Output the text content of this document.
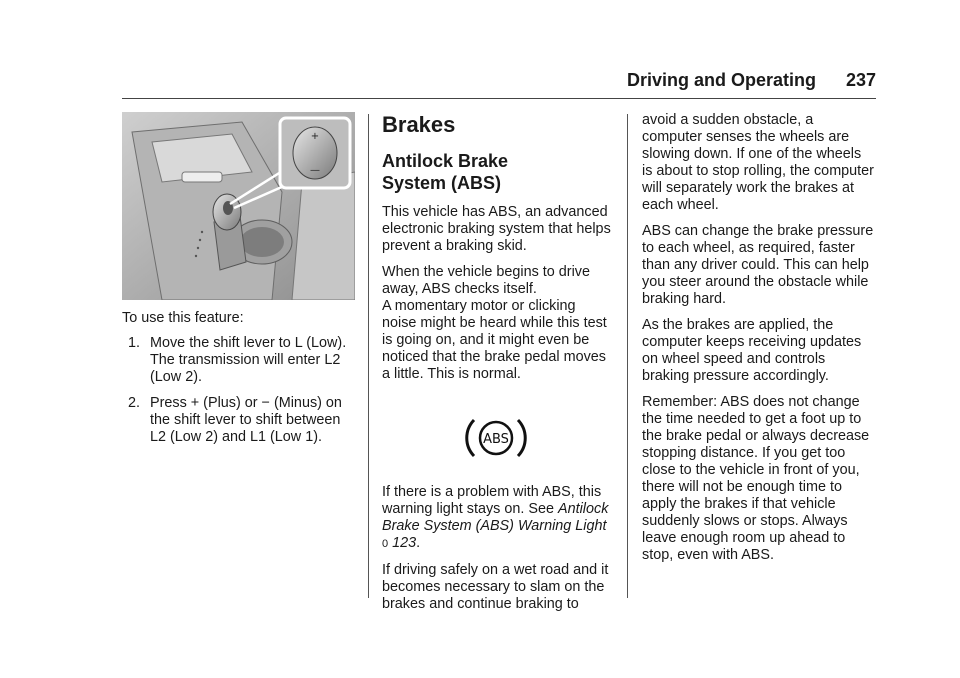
Driving and Operating 237
+
—
To use this feature:
1. Move the shift lever to L (Low). The transmission will enter L2 (Low 2).
2. Press + (Plus) or − (Minus) on the shift lever to shift between L2 (Low 2) and L1 (Low 1).
Brakes
Antilock Brake System (ABS)

This vehicle has ABS, an advanced electronic braking system that helps prevent a braking skid.

When the vehicle begins to drive away, ABS checks itself.
A momentary motor or clicking noise might be heard while this test is going on, and it might even be noticed that the brake pedal moves a little. This is normal.

ABS

If there is a problem with ABS, this warning light stays on. See Antilock Brake System (ABS) Warning Light
0 123.

If driving safely on a wet road and it becomes necessary to slam on the brakes and continue braking to

avoid a sudden obstacle, a computer senses the wheels are slowing down. If one of the wheels is about to stop rolling, the computer will separately work the brakes at each wheel.

ABS can change the brake pressure to each wheel, as required, faster than any driver could. This can help you steer around the obstacle while braking hard.

As the brakes are applied, the computer keeps receiving updates on wheel speed and controls braking pressure accordingly.

Remember: ABS does not change the time needed to get a foot up to the brake pedal or always decrease stopping distance. If you get too close to the vehicle in front of you, there will not be enough time to apply the brakes if that vehicle suddenly slows or stops. Always leave enough room up ahead to stop, even with ABS.
